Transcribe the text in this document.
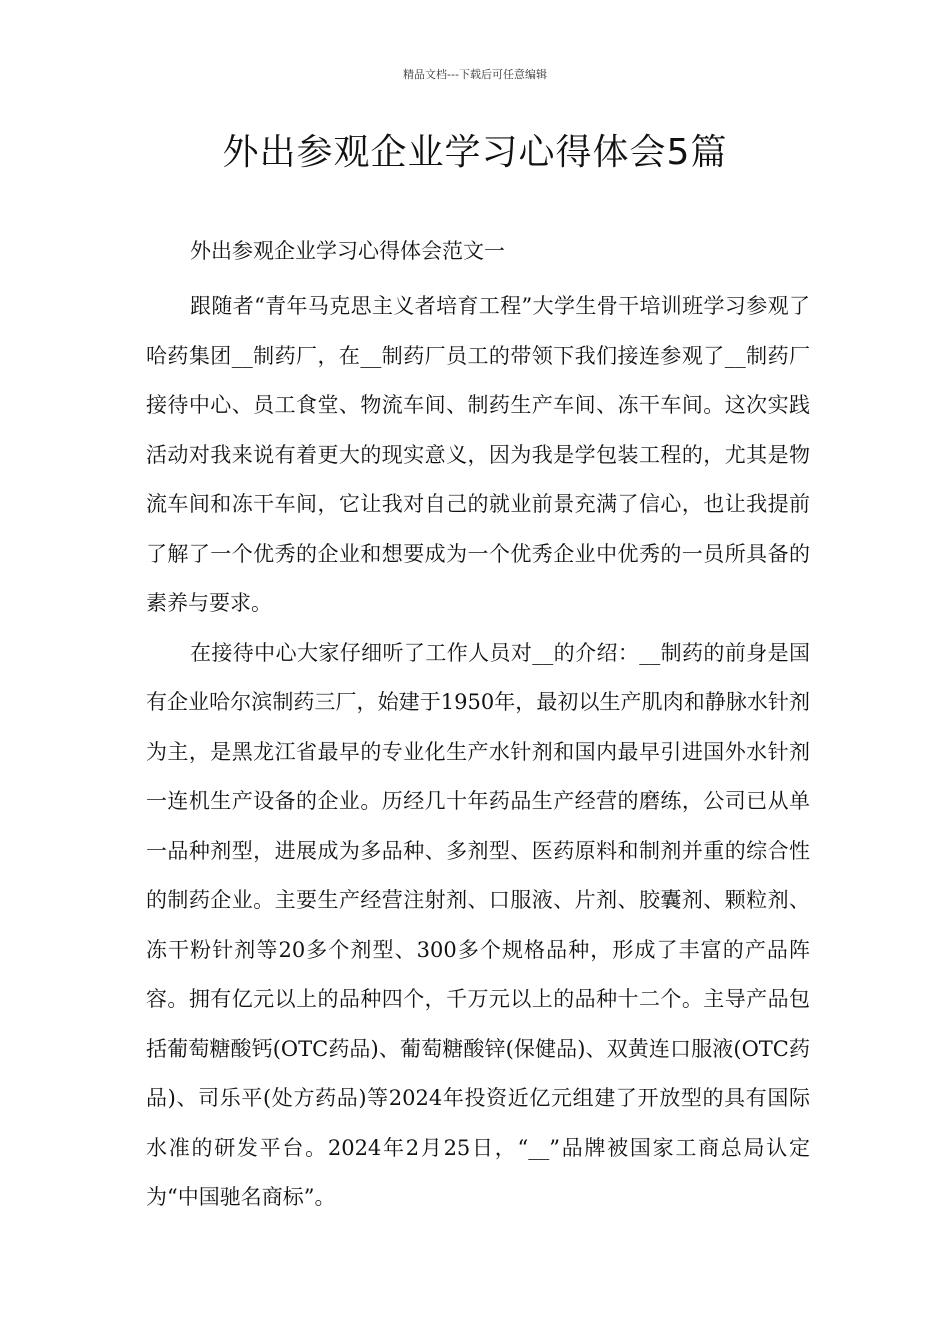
精品文档---下载后可任意编辑
外出参观企业学习心得体会5篇
外出参观企业学习心得体会范文一

跟随者“青年马克思主义者培育工程”大学生骨干培训班学习参观了哈药集团__制药厂，在__制药厂员工的带领下我们接连参观了__制药厂接待中心、员工食堂、物流车间、制药生产车间、冻干车间。这次实践活动对我来说有着更大的现实意义，因为我是学包装工程的，尤其是物流车间和冻干车间，它让我对自己的就业前景充满了信心，也让我提前了解了一个优秀的企业和想要成为一个优秀企业中优秀的一员所具备的素养与要求。

在接待中心大家仔细听了工作人员对__的介绍：__制药的前身是国有企业哈尔滨制药三厂，始建于1950年，最初以生产肌肉和静脉水针剂为主，是黑龙江省最早的专业化生产水针剂和国内最早引进国外水针剂一连机生产设备的企业。历经几十年药品生产经营的磨练，公司已从单一品种剂型，进展成为多品种、多剂型、医药原料和制剂并重的综合性的制药企业。主要生产经营注射剂、口服液、片剂、胶囊剂、颗粒剂、冻干粉针剂等20多个剂型、300多个规格品种，形成了丰富的产品阵容。拥有亿元以上的品种四个，千万元以上的品种十二个。主导产品包括葡萄糖酸钙(OTC药品)、葡萄糖酸锌(保健品)、双黄连口服液(OTC药品)、司乐平(处方药品)等2024年投资近亿元组建了开放型的具有国际水准的研发平台。2024年2月25日，“__”品牌被国家工商总局认定为“中国驰名商标”。
